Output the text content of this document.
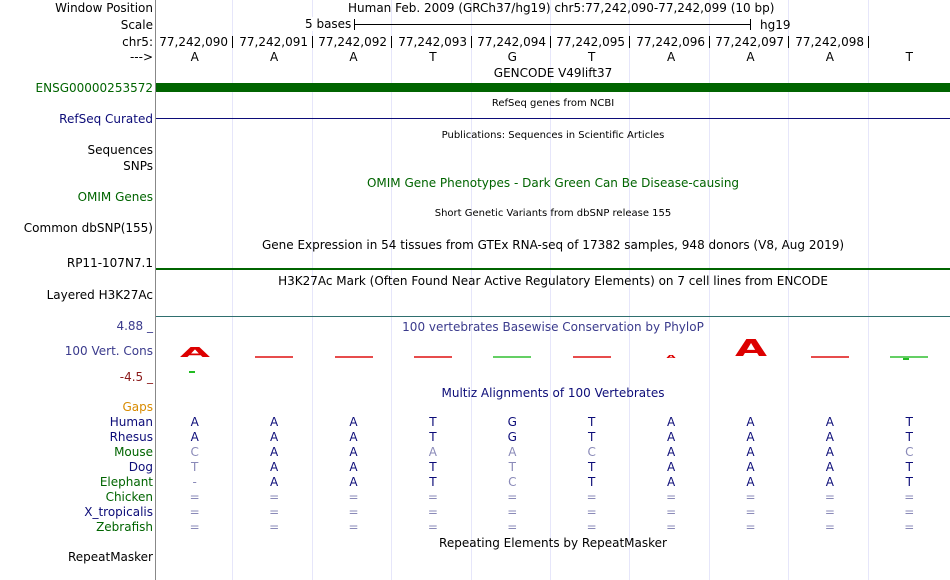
Window Position
Scale
chr5:
--->
Human Feb. 2009 (GRCh37/hg19) chr5:77,242,090-77,242,099 (10 bp)
5 bases	hg19
77,242,090 77,242,091 77,242,092 77,242,093 77,242,094 77,242,095 77,242,096 77,242,097 77,242,098
A	A	A	T	G	T	A	A	A	T
GENCODE V49lift37
ENSG00000253572
RefSeq genes from NCBI
RefSeq Curated
Publications: Sequences in Scientific Articles
Sequences
SNPs
OMIM Gene Phenotypes - Dark Green Can Be Disease-causing
OMIM Genes
Short Genetic Variants from dbSNP release 155
Common dbSNP(155)
Gene Expression in 54 tissues from GTEx RNA-seq of 17382 samples, 948 donors (V8, Aug 2019)
RP11-107N7.1
H3K27Ac Mark (Often Found Near Active Regulatory Elements) on 7 cell lines from ENCODE
Layered H3K27Ac
100 vertebrates Basewise Conservation by PhyloP
4.88 _
100 Vert. Cons
-4.5 _
A	A	A
Multiz Alignments of 100 Vertebrates
Gaps
Human	A	A	A	T	G	T	A	A	A	T
Rhesus	A	A	A	T	G	T	A	A	A	T
Mouse	C	A	A	A	A	C	A	A	A	C
Dog	T	A	A	T	T	T	A	A	A	T
Elephant	-	A	A	T	C	T	A	A	A	T
Chicken	=	=	=	=	=	=	=	=	=	=
X_tropicalis	=	=	=	=	=	=	=	=	=	=
Zebrafish	=	=	=	=	=	=	=	=	=	=
Repeating Elements by RepeatMasker
RepeatMasker
